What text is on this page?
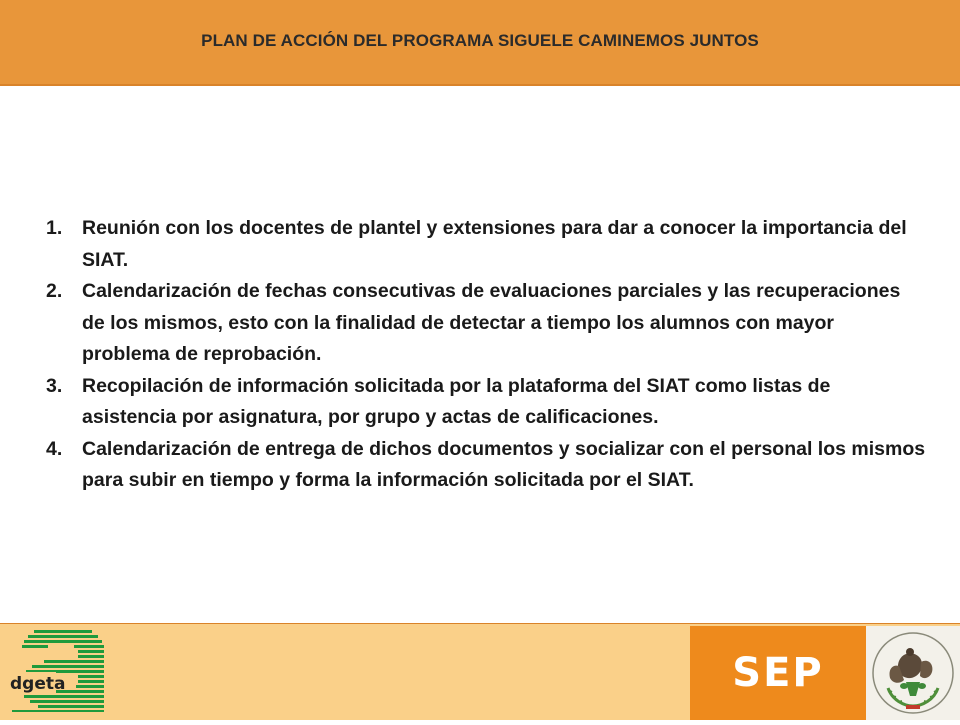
PLAN DE ACCIÓN DEL PROGRAMA SIGUELE CAMINEMOS JUNTOS
1. Reunión con los docentes de plantel y extensiones para dar a conocer la importancia del SIAT.
2. Calendarización de fechas consecutivas de evaluaciones parciales y las recuperaciones de los mismos, esto con la finalidad de detectar a tiempo los alumnos con mayor problema de reprobación.
3. Recopilación de información solicitada por la plataforma del SIAT como listas de asistencia por asignatura, por grupo y actas de calificaciones.
4. Calendarización de entrega de dichos documentos y socializar con el personal los mismos para subir en tiempo y forma la información solicitada por el SIAT.
dgeta	SEP
